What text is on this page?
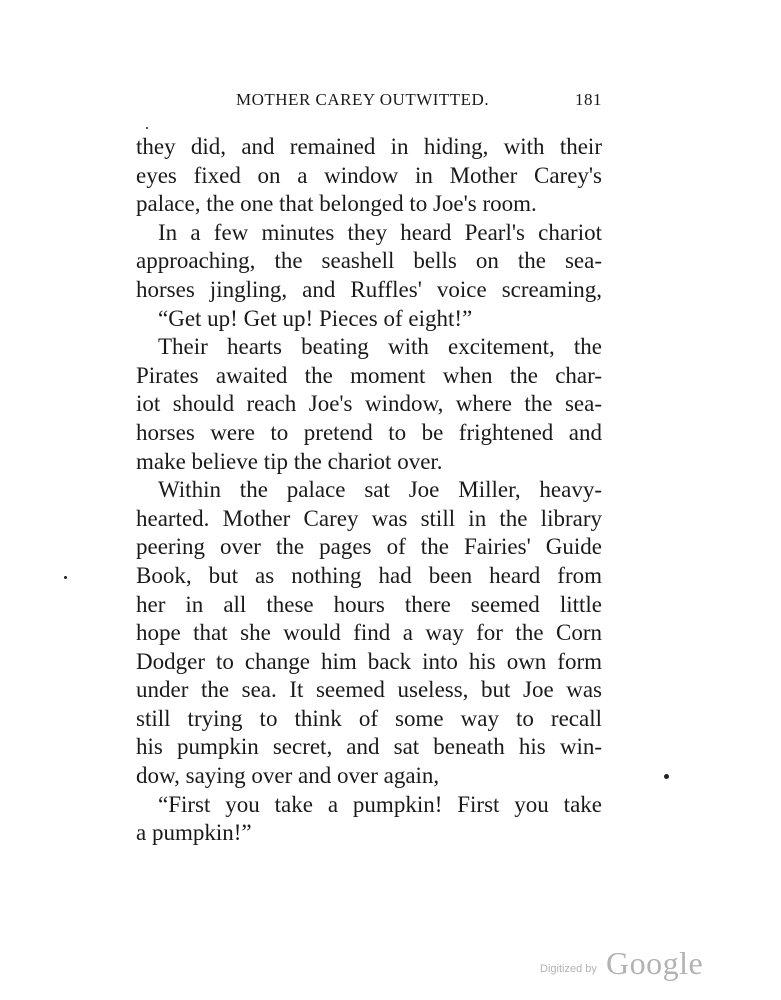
MOTHER CAREY OUTWITTED.	181
they did, and remained in hiding, with their
eyes fixed on a window in Mother Carey's
palace, the one that belonged to Joe's room.
In a few minutes they heard Pearl's chariot
approaching, the seashell bells on the sea-
horses jingling, and Ruffles' voice screaming,
“Get up! Get up! Pieces of eight!”
Their hearts beating with excitement, the
Pirates awaited the moment when the char-
iot should reach Joe's window, where the sea-
horses were to pretend to be frightened and
make believe tip the chariot over.
Within the palace sat Joe Miller, heavy-
hearted. Mother Carey was still in the library
peering over the pages of the Fairies' Guide
Book, but as nothing had been heard from
her in all these hours there seemed little
hope that she would find a way for the Corn
Dodger to change him back into his own form
under the sea. It seemed useless, but Joe was
still trying to think of some way to recall
his pumpkin secret, and sat beneath his win-
dow, saying over and over again,
“First you take a pumpkin! First you take
a pumpkin!”
Digitized by Google
